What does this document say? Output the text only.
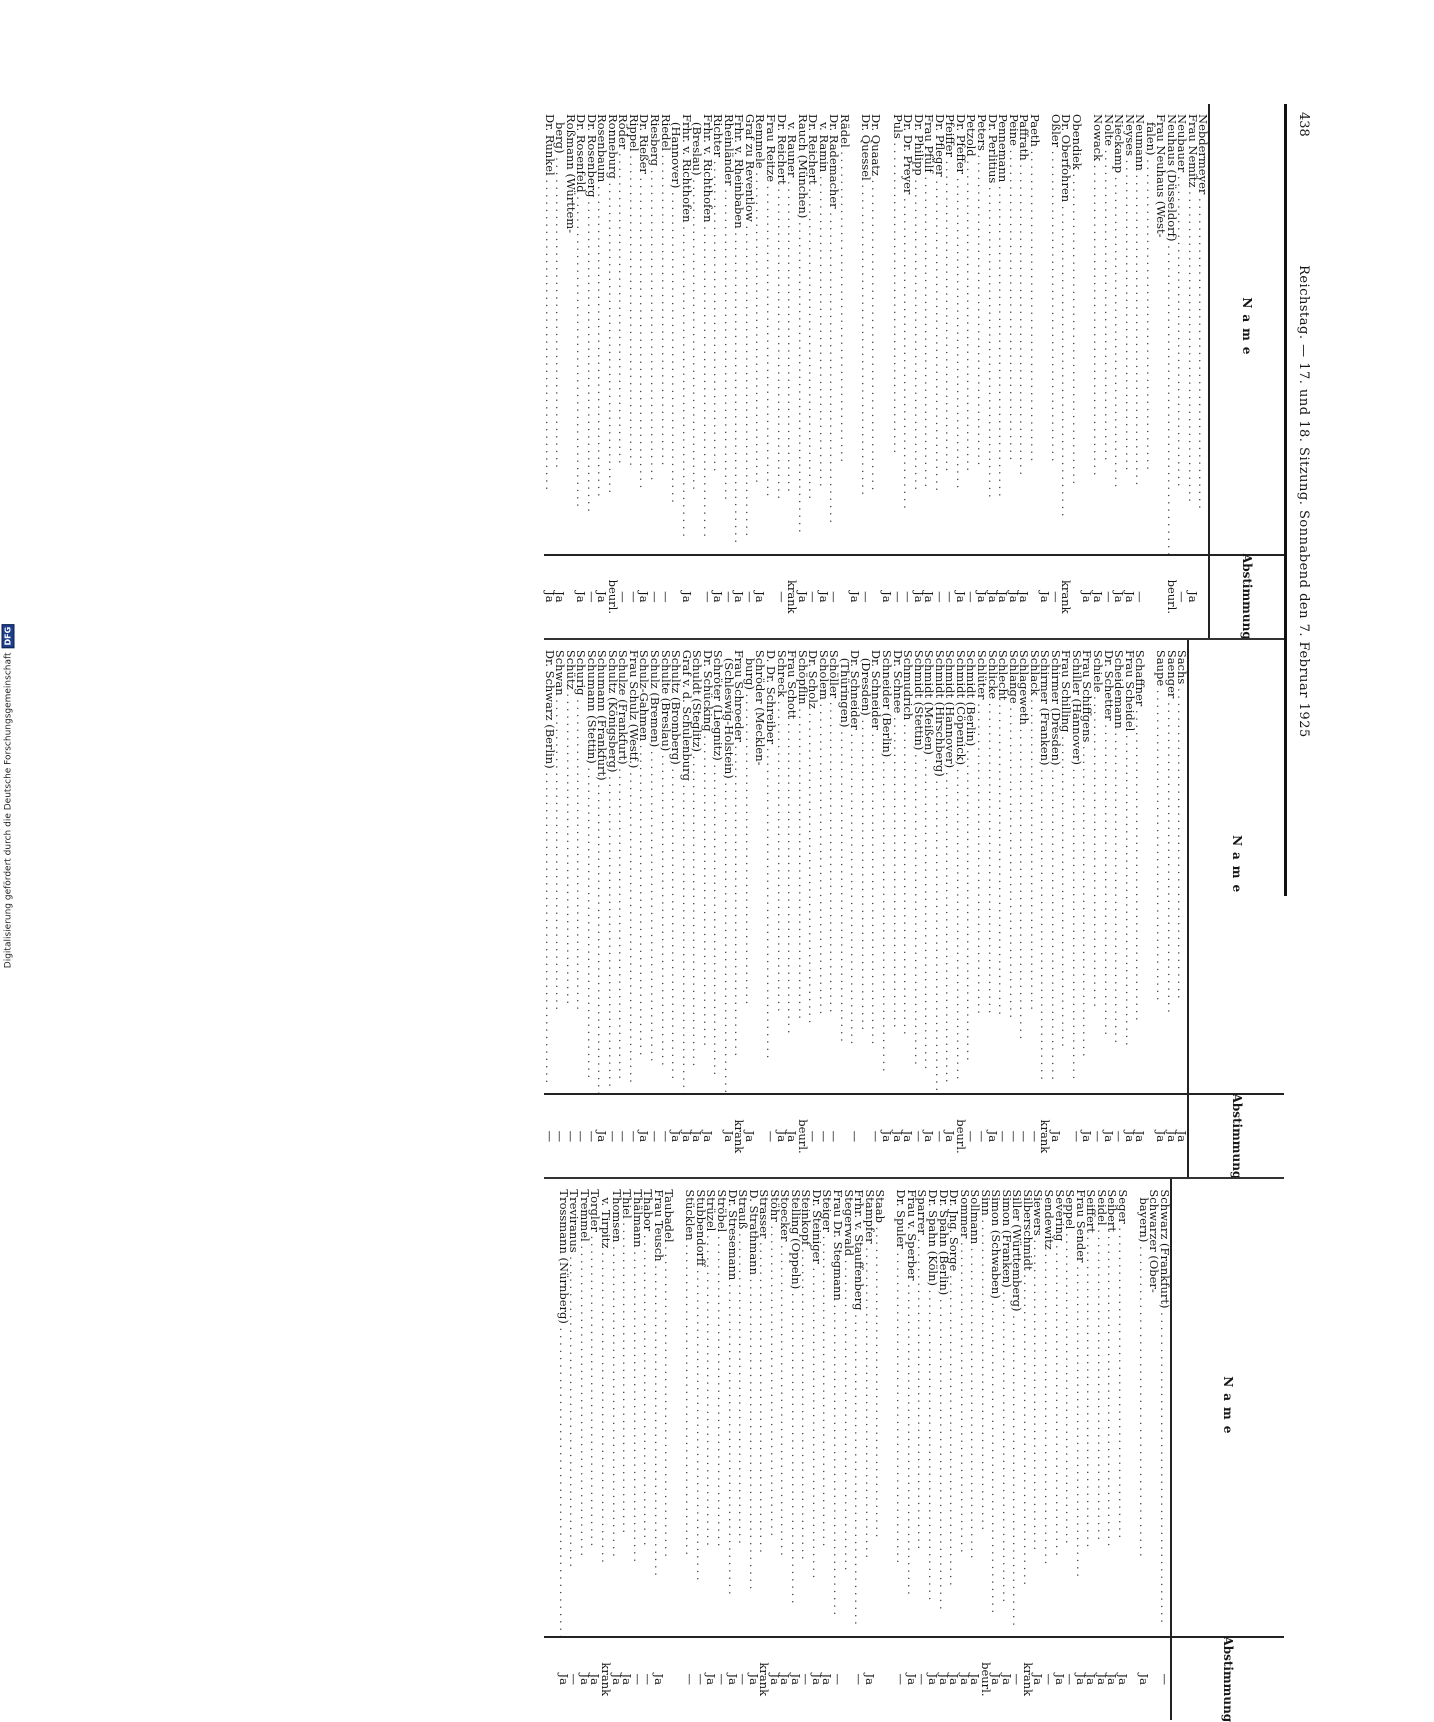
Digitalisierung gefördert durch die Deutsche Forschungsgemeinschaft
DFG
438
Reichstag. — 17. und 18. Sitzung. Sonnabend den 7. Februar 1925
Name
Abstimmung
Nebdermeyer . . .
Frau Nemitz . . .
Ja
Neubauer . . .
—
Neuhaus (Düsseldorf) . . .
beurl.
Frau Neuhaus (West-
falen) . . .
Neumann . . .
—
Neyses . . .
Ja
Nieckamp . . .
Ja
Nolte . . .
—
Nowack . . .
Ja
Ja
Obendiek . . .
Dr. Oberfohren . . .
krank
Oßler . . .
—
Ja
Paeth . . .
Paffrath . . .
Ja
Peine . . .
Ja
Pennemann . . .
Ja
Dr. Perlitius . . .
Ja
Peters . . .
Ja
Petzold . . .
—
Dr. Pfeffer . . .
Ja
Pfeiffer . . .
—
Dr. Pfleger . . .
—
Frau Pfülf . . .
Ja
Dr. Philipp . . .
Ja
Dr. Dr. Preyer . . .
—
Puls . . .
—
Ja
Dr. Quaatz . . .
Dr. Quessel . . .
—
Ja
Rädel . . .
Dr. Rademacher . . .
—
v. Ramin . . .
Ja
Dr. Reichert . . .
—
Rauch (München) . . .
Ja
v. Rauner . . .
krank
Dr. Reichert . . .
—
Frau Reitze . . .
Remmele . . .
Ja
Graf zu Reventlow . . .
—
Frhr. v. Rheinbaben . . .
Ja
Rheinländer . . .
—
Richter . . .
Ja
Frhr. v. Richthofen . . .
—
(Breslau) . . .
Frhr. v. Richthofen . . .
Ja
(Hannover) . . .
Riedel . . .
—
Riesberg . . .
—
Dr. Rießer . . .
Ja
Rippel . . .
—
Röder . . .
—
Ronneburg . . .
beurl.
Rosenbaum . . .
Ja
Dr. Rosenberg . . .
—
Dr. Rosenfeld . . .
Ja
Roßmann (Württem-
berg) . . .
Ja
Dr. Runkel . . .
Ja
Name
Abstimmung
Sachs . . .
Ja
Saenger . . .
Ja
Saupe . . .
Ja
Schaffner . . .
Ja
Frau Scheidel . . .
Ja
Scheidemann . . .
—
Dr. Schetter . . .
Ja
Schiele . . .
—
Frau Schiffgens . . .
Ja
Schiller (Hannover) . . .
—
Frau Schilling . . .
Schirmer (Dresden) . . .
Ja
Schirmer (Franken) . . .
krank
Schlack . . .
—
Schlageweth . . .
—
Schlange . . .
—
Schlecht . . .
—
Schlicke . . .
Ja
Schlüter . . .
—
Schmidt (Berlin) . . .
—
Schmidt (Cöpenick) . . .
beurl.
Schmidt (Hannover) . . .
Ja
Schmidt (Hirschberg) . . .
—
Schmidt (Meißen) . . .
Ja
Schmidt (Stettin) . . .
—
Schmudrich . . .
Ja
Dr. Schnee . . .
Ja
Schneider (Berlin) . . .
Ja
Dr. Schneider . . .
—
(Dresden) . . .
Dr. Schneider . . .
—
(Thüringen) . . .
Schöller . . .
—
Scholem . . .
—
Dr. Scholz . . .
—
Schöpflin . . .
beurl.
Frau Schott . . .
Ja
Schreck . . .
Ja
D. Dr. Schreiber . . .
—
Schröder (Mecklen-
burg) . . .
Ja
Frau Schroeder . . .
krank
(Schleswig-Holstein) . . .
Ja
Schröter (Liegnitz) . . .
Dr. Schücking . . .
Ja
Schuldt (Steglitz) . . .
Ja
Graf v. d. Schulenburg . . .
Ja
Schultz (Bromberg) . . .
Ja
Schulte (Breslau) . . .
—
Schulz (Bremen) . . .
—
Schulz-Gahmen . . .
Ja
Frau Schulz (Westf.) . . .
—
Schulze (Frankfurt) . . .
—
Schultz (Königsberg) . . .
—
Schumann (Frankfurt) . . .
Ja
Schumann (Stettin) . . .
—
Schurig . . .
—
Schütz . . .
—
Schwan . . .
—
Dr. Schwarz (Berlin) . . .
—
Name
Abstimmung
Schwarz (Frankfurt) . . .
—
Schwarzer (Ober-
bayern) . . .
Ja
Seger . . .
Ja
Seibert . . .
Ja
Seidel . . .
Ja
Seiffert . . .
Ja
Frau Sender . . .
Ja
Seppel . . .
—
Severing . . .
Ja
Sendewitz . . .
—
Siewers . . .
Ja
Silberschmidt . . .
krank
Siller (Württemberg) . . .
—
Simon (Franken) . . .
Ja
Simon (Schwaben) . . .
Ja
Sinn . . .
beurl.
Sollmann . . .
Ja
Sommer . . .
Ja
Dr. Jng. Sorge . . .
Ja
Dr. Spahn (Berlin) . . .
Ja
Dr. Spahn (Köln) . . .
Ja
Sparrer . . .
—
Frau v. Sperber . . .
Ja
Dr. Spuler . . .
—
Staab . . .
Stampfer . . .
Ja
Frhr. v. Stauffenberg . . .
—
Stegerwald . . .
Frau Dr. Stegmann . . .
—
Steiger . . .
Ja
Dr. Steiniger . . .
Ja
Steinkopf . . .
—
Stelling (Oppeln) . . .
Ja
Stoecker . . .
Ja
Stöhr . . .
Ja
Strasser . . .
krank
D. Strathmann . . .
Ja
Strauß . . .
—
Dr. Stresemann . . .
Ja
Ströbel . . .
—
Strüzel . . .
Ja
Stubbendorff . . .
—
Stücklen . . .
—
Taubadel . . .
Frau Teusch . . .
Ja
Thabor . . .
—
Thälmann . . .
—
Thiel . . .
Ja
Thomsen . . .
Ja
v. Tirpitz . . .
krank
Torgler . . .
Ja
Tremmel . . .
Ja
Treviranus . . .
—
Trossmann (Nürnberg) . . .
Ja
